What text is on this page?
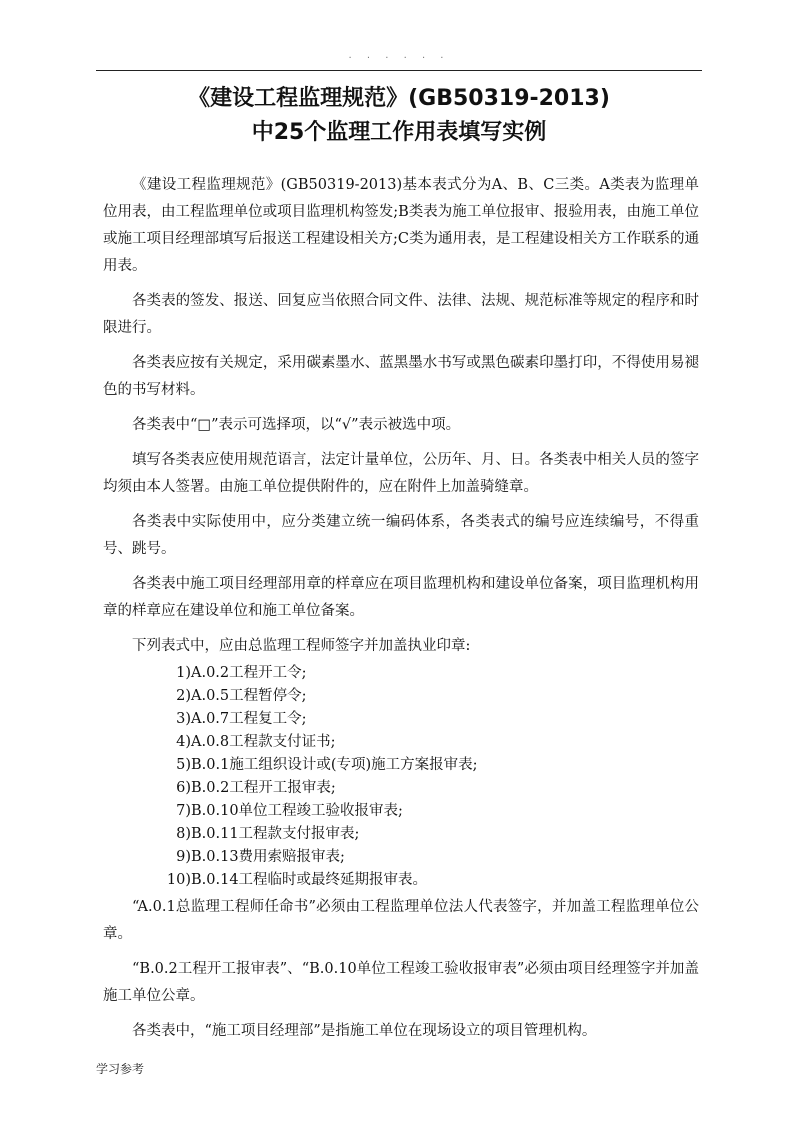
· · · · · ·
《建设工程监理规范》(GB50319-2013)
中25个监理工作用表填写实例

《建设工程监理规范》(GB50319-2013)基本表式分为A、B、C三类。A类表为监理单位用表，由工程监理单位或项目监理机构签发;B类表为施工单位报审、报验用表，由施工单位或施工项目经理部填写后报送工程建设相关方;C类为通用表，是工程建设相关方工作联系的通用表。

各类表的签发、报送、回复应当依照合同文件、法律、法规、规范标准等规定的程序和时限进行。

各类表应按有关规定，采用碳素墨水、蓝黑墨水书写或黑色碳素印墨打印，不得使用易褪色的书写材料。

各类表中“□”表示可选择项，以“√”表示被选中项。

填写各类表应使用规范语言，法定计量单位，公历年、月、日。各类表中相关人员的签字均须由本人签署。由施工单位提供附件的，应在附件上加盖骑缝章。

各类表中实际使用中，应分类建立统一编码体系，各类表式的编号应连续编号，不得重号、跳号。

各类表中施工项目经理部用章的样章应在项目监理机构和建设单位备案，项目监理机构用章的样章应在建设单位和施工单位备案。

下列表式中，应由总监理工程师签字并加盖执业印章:

1)A.0.2工程开工令;
2)A.0.5工程暂停令;
3)A.0.7工程复工令;
4)A.0.8工程款支付证书;
5)B.0.1施工组织设计或(专项)施工方案报审表;
6)B.0.2工程开工报审表;
7)B.0.10单位工程竣工验收报审表;
8)B.0.11工程款支付报审表;
9)B.0.13费用索赔报审表;
10)B.0.14工程临时或最终延期报审表。

“A.0.1总监理工程师任命书”必须由工程监理单位法人代表签字，并加盖工程监理单位公章。

“B.0.2工程开工报审表”、“B.0.10单位工程竣工验收报审表”必须由项目经理签字并加盖施工单位公章。

各类表中，“施工项目经理部”是指施工单位在现场设立的项目管理机构。

学习参考
